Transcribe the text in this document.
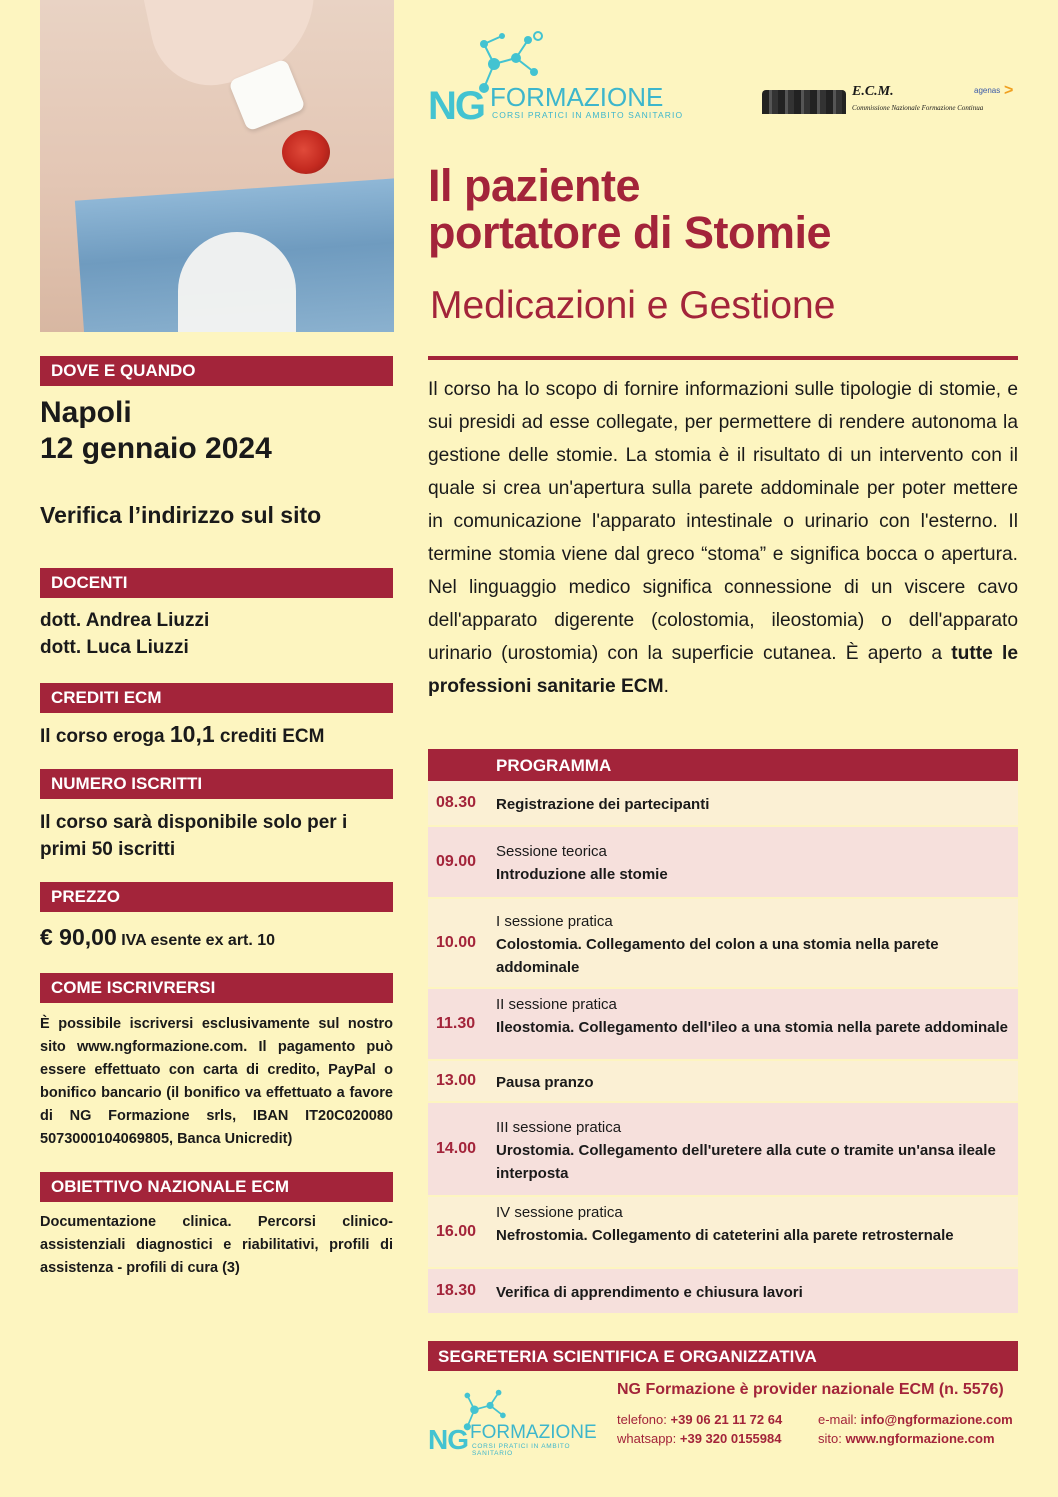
NG FORMAZIONE
CORSI PRATICI IN AMBITO SANITARIO
E.C.M.
Commissione Nazionale Formazione Continua
agenas >
Il paziente
portatore di Stomie
Medicazioni e Gestione
Il corso ha lo scopo di fornire informazioni sulle tipologie di stomie, e sui presidi ad esse collegate, per permettere di rendere autonoma la gestione delle stomie. La stomia è il risultato di un intervento con il quale si crea un'apertura sulla parete addominale per poter mettere in comunicazione l'apparato intestinale o urinario con l'esterno. Il termine stomia viene dal greco “stoma” e significa bocca o apertura. Nel linguaggio medico significa connessione di un viscere cavo dell'apparato digerente (colostomia, ileostomia) o dell'apparato urinario (urostomia) con la superficie cutanea. È aperto a tutte le professioni sanitarie ECM.
DOVE E QUANDO
Napoli
12 gennaio 2024
Verifica l’indirizzo sul sito
DOCENTI
dott. Andrea Liuzzi
dott. Luca Liuzzi
CREDITI ECM
Il corso eroga 10,1 crediti ECM
NUMERO ISCRITTI
Il corso sarà disponibile solo per i primi 50 iscritti
PREZZO
€ 90,00 IVA esente ex art. 10
COME ISCRIVRERSI
È possibile iscriversi esclusivamente sul nostro sito www.ngformazione.com. Il pagamento può essere effettuato con carta di credito, PayPal o bonifico bancario (il bonifico va effettuato a favore di NG Formazione srls, IBAN IT20C020080 5073000104069805, Banca Unicredit)
OBIETTIVO NAZIONALE ECM
Documentazione clinica. Percorsi clinico-assistenziali diagnostici e riabilitativi, profili di assistenza - profili di cura (3)
PROGRAMMA
08.30 Registrazione dei partecipanti
09.00
Sessione teorica
Introduzione alle stomie
10.00
I sessione pratica
Colostomia. Collegamento del colon a una stomia nella parete addominale
11.30
II sessione pratica
Ileostomia. Collegamento dell'ileo a una stomia nella parete addominale
13.00 Pausa pranzo
14.00
III sessione pratica
Urostomia. Collegamento dell'uretere alla cute o tramite un'ansa ileale interposta
16.00
IV sessione pratica
Nefrostomia. Collegamento di cateterini alla parete retrosternale
18.30 Verifica di apprendimento e chiusura lavori
SEGRETERIA SCIENTIFICA E ORGANIZZATIVA
NG Formazione è provider nazionale ECM (n. 5576)
NG FORMAZIONE
CORSI PRATICI IN AMBITO SANITARIO
telefono: +39 06 21 11 72 64
whatsapp: +39 320 0155984
e-mail: info@ngformazione.com
sito: www.ngformazione.com
